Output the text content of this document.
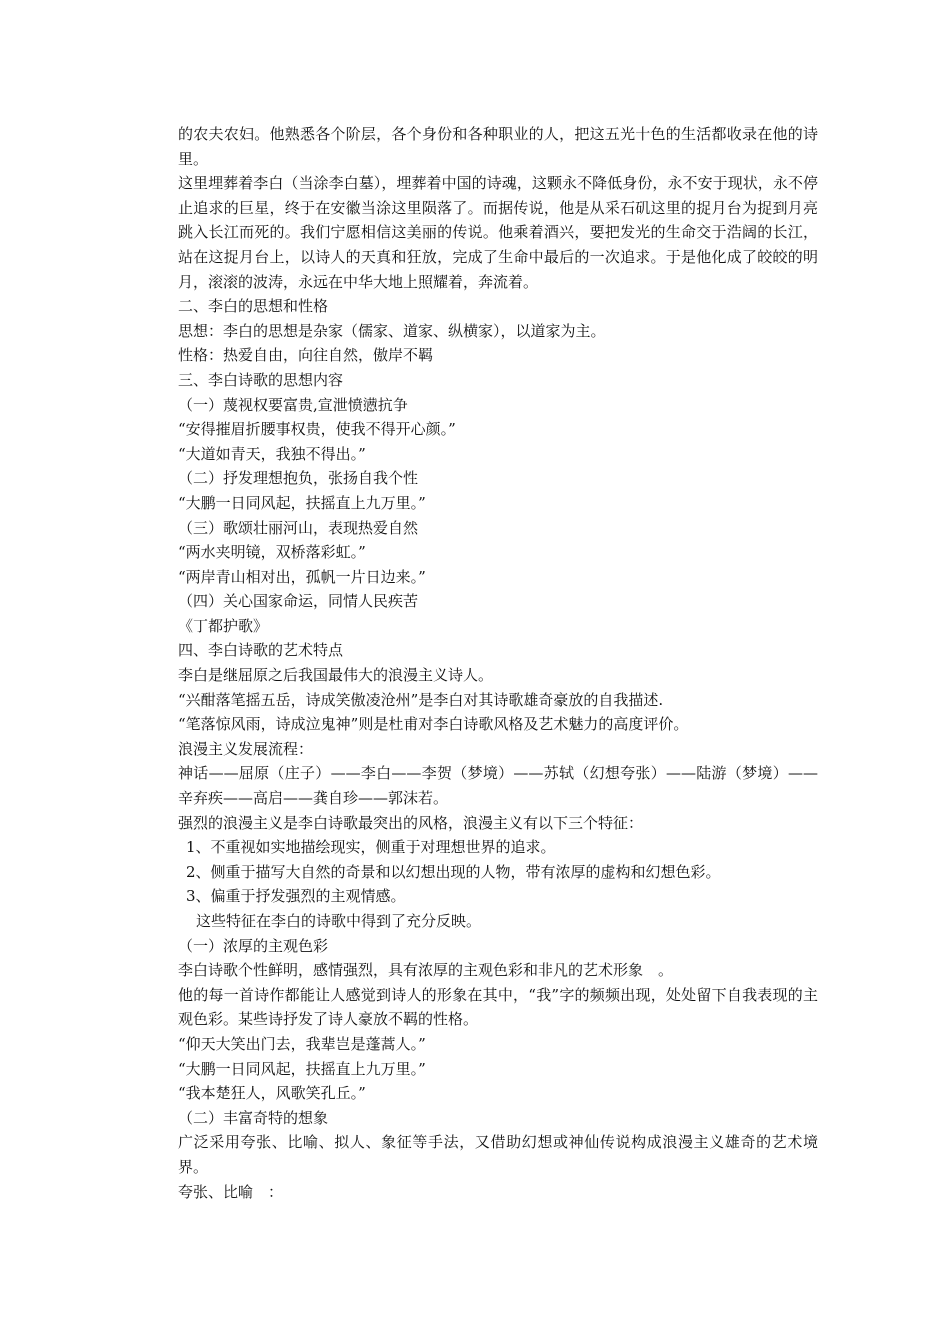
的农夫农妇。他熟悉各个阶层，各个身份和各种职业的人，把这五光十色的生活都收录在他的诗里。

这里埋葬着李白（当涂李白墓），埋葬着中国的诗魂，这颗永不降低身份，永不安于现状，永不停止追求的巨星，终于在安徽当涂这里陨落了。而据传说，他是从采石矶这里的捉月台为捉到月亮跳入长江而死的。我们宁愿相信这美丽的传说。他乘着酒兴，要把发光的生命交于浩阔的长江，站在这捉月台上，以诗人的天真和狂放，完成了生命中最后的一次追求。于是他化成了皎皎的明月，滚滚的波涛，永远在中华大地上照耀着，奔流着。

二、李白的思想和性格

思想：李白的思想是杂家（儒家、道家、纵横家），以道家为主。

性格：热爱自由，向往自然，傲岸不羁

三、李白诗歌的思想内容

（一）蔑视权要富贵,宣泄愤懑抗争

“安得摧眉折腰事权贵，使我不得开心颜。”

“大道如青天，我独不得出。”

（二）抒发理想抱负，张扬自我个性

“大鹏一日同风起，扶摇直上九万里。”

（三）歌颂壮丽河山，表现热爱自然

“两水夹明镜，双桥落彩虹。”

“两岸青山相对出，孤帆一片日边来。”

（四）关心国家命运，同情人民疾苦

《丁都护歌》

四、李白诗歌的艺术特点

李白是继屈原之后我国最伟大的浪漫主义诗人。

“兴酣落笔摇五岳，诗成笑傲凌沧州”是李白对其诗歌雄奇豪放的自我描述.

“笔落惊风雨，诗成泣鬼神”则是杜甫对李白诗歌风格及艺术魅力的高度评价。

浪漫主义发展流程：

神话——屈原（庄子）——李白——李贺（梦境）——苏轼（幻想夸张）——陆游（梦境）——辛弃疾——高启——龚自珍——郭沫若。

强烈的浪漫主义是李白诗歌最突出的风格，浪漫主义有以下三个特征：

1、不重视如实地描绘现实，侧重于对理想世界的追求。

2、侧重于描写大自然的奇景和以幻想出现的人物，带有浓厚的虚构和幻想色彩。

3、偏重于抒发强烈的主观情感。

这些特征在李白的诗歌中得到了充分反映。

（一）浓厚的主观色彩

李白诗歌个性鲜明，感情强烈，具有浓厚的主观色彩和非凡的艺术形象　。

他的每一首诗作都能让人感觉到诗人的形象在其中，“我”字的频频出现，处处留下自我表现的主观色彩。某些诗抒发了诗人豪放不羁的性格。

“仰天大笑出门去，我辈岂是蓬蒿人。”

“大鹏一日同风起，扶摇直上九万里。”

“我本楚狂人，风歌笑孔丘。”

（二）丰富奇特的想象

广泛采用夸张、比喻、拟人、象征等手法，又借助幻想或神仙传说构成浪漫主义雄奇的艺术境界。

夸张、比喻　：
